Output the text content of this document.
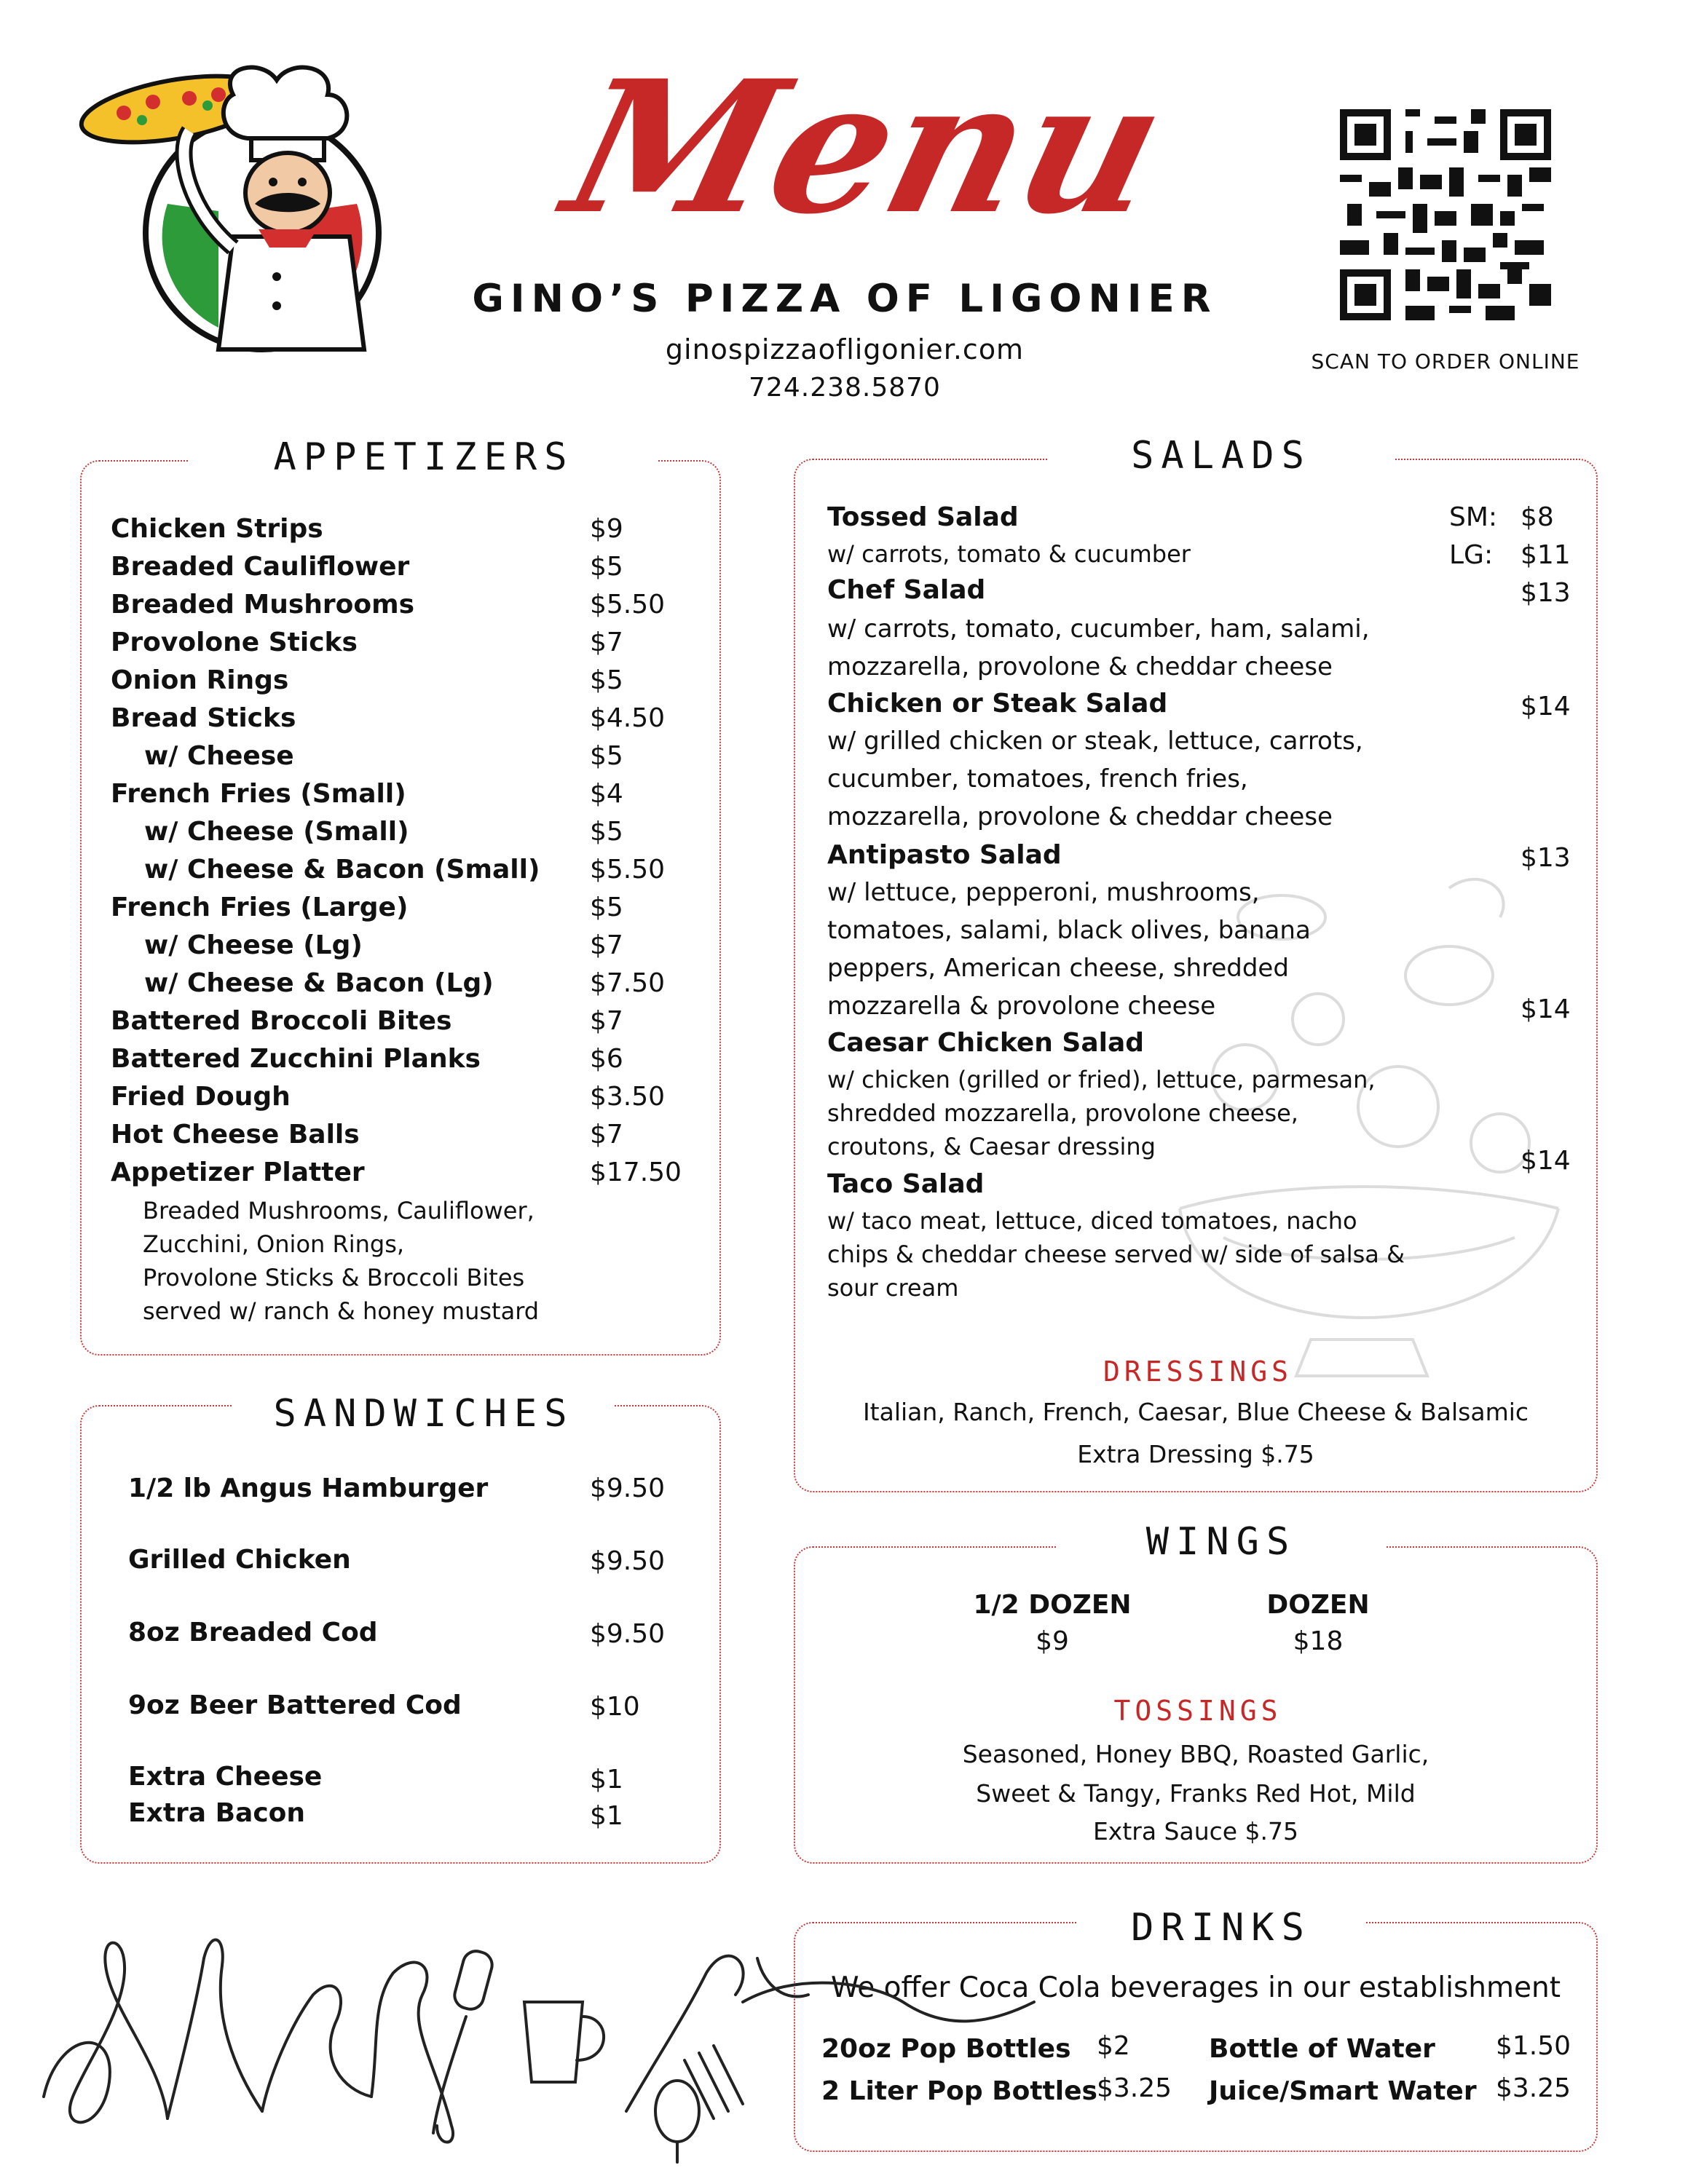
Menu
GINO’S PIZZA OF LIGONIER
ginospizzaofligonier.com
724.238.5870
SCAN TO ORDER ONLINE
APPETIZERS
Chicken Strips	$9
Breaded Cauliflower	$5
Breaded Mushrooms	$5.50
Provolone Sticks	$7
Onion Rings	$5
Bread Sticks	$4.50
w/ Cheese	$5
French Fries (Small)	$4
w/ Cheese (Small)	$5
w/ Cheese & Bacon (Small) $5.50
French Fries (Large)	$5
w/ Cheese (Lg)	$7
w/ Cheese & Bacon (Lg)	$7.50
Battered Broccoli Bites	$7
Battered Zucchini Planks	$6
Fried Dough	$3.50
Hot Cheese Balls	$7
Appetizer Platter	$17.50
Breaded Mushrooms, Cauliflower,
Zucchini, Onion Rings,
Provolone Sticks & Broccoli Bites
served w/ ranch & honey mustard
SANDWICHES
1/2 lb Angus Hamburger	$9.50
Grilled Chicken	$9.50
8oz Breaded Cod	$9.50
9oz Beer Battered Cod	$10
Extra Cheese	$1
Extra Bacon	$1
SALADS
Tossed Salad	SM: $8
w/ carrots, tomato & cucumber	LG: $11
Chef Salad	$13
w/ carrots, tomato, cucumber, ham, salami,
mozzarella, provolone & cheddar cheese
Chicken or Steak Salad	$14
w/ grilled chicken or steak, lettuce, carrots,
cucumber, tomatoes, french fries,
mozzarella, provolone & cheddar cheese
Antipasto Salad	$13
w/ lettuce, pepperoni, mushrooms,
tomatoes, salami, black olives, banana
peppers, American cheese, shredded
mozzarella & provolone cheese	$14
Caesar Chicken Salad
w/ chicken (grilled or fried), lettuce, parmesan,
shredded mozzarella, provolone cheese,
croutons, & Caesar dressing	$14
Taco Salad
w/ taco meat, lettuce, diced tomatoes, nacho
chips & cheddar cheese served w/ side of salsa &
sour cream
DRESSINGS
Italian, Ranch, French, Caesar, Blue Cheese & Balsamic
Extra Dressing $.75
WINGS
1/2 DOZEN
$9
DOZEN
$18
TOSSINGS
Seasoned, Honey BBQ, Roasted Garlic,
Sweet & Tangy, Franks Red Hot, Mild
Extra Sauce $.75
DRINKS
We offer Coca Cola beverages in our establishment
20oz Pop Bottles $2
2 Liter Pop Bottles $3.25
Bottle of Water $1.50
Juice/Smart Water $3.25
